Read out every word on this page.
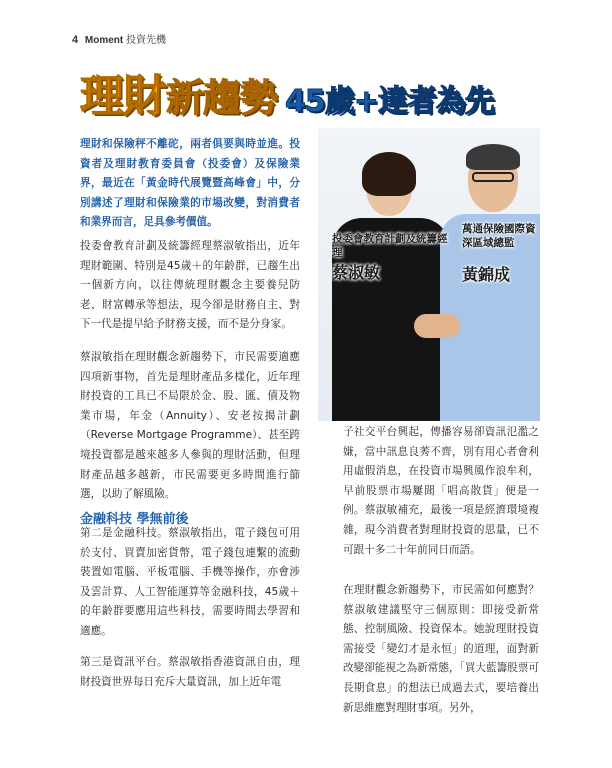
4 Moment 投資先機
理財新趨勢 45歲+達者為先
理財和保險秤不離砣，兩者俱要與時並進。投資者及理財教育委員會（投委會）及保險業界，最近在「黃金時代展覽暨高峰會」中，分別講述了理財和保險業的市場改變，對消費者和業界而言，足具參考價值。
投委會教育計劃及統籌經理蔡淑敏指出，近年理財範圍、特別是45歲＋的年齡群，已趨生出一個新方向，以往傳統理財觀念主要養兒防老、財富轉承等想法，現今卻是財務自主、對下一代是提早給予財務支援，而不是分身家。
蔡淑敏指在理財觀念新趨勢下，市民需要適應四項新事物，首先是理財產品多樣化，近年理財投資的工具已不局限於金、股、匯、債及物業市場，年金（Annuity）、安老按揭計劃（Reverse Mortgage Programme）、甚至跨境投資都是越來越多人參與的理財活動，但理財產品越多越新，市民需要更多時間進行篩選，以助了解風險。
金融科技 學無前後
第二是金融科技。蔡淑敏指出，電子錢包可用於支付、買賣加密貨幣，電子錢包連繫的流動裝置如電腦、平板電腦、手機等操作，亦會涉及雲計算、人工智能運算等金融科技，45歲＋的年齡群要應用這些科技，需要時間去學習和適應。
第三是資訊平台。蔡淑敏指香港資訊自由，理財投資世界每日充斥大量資訊，加上近年電
投委會教育計劃及統籌經理
蔡淑敏
萬通保險國際資深區域總監
黃錦成
子社交平台興起，傳播容易卻資訊氾濫之嫌，當中訊息良莠不齊，別有用心者會利用虛假消息，在投資市場興風作浪牟利，早前股票市場屢聞「唱高散貨」便是一例。蔡淑敏補充，最後一項是經濟環境複雜，現今消費者對理財投資的思量，已不可跟十多二十年前同日而語。
在理財觀念新趨勢下，市民需如何應對？蔡淑敏建議堅守三個原則：即接受新常態、控制風險、投資保本。她說理財投資需接受「變幻才是永恒」的道理，面對新改變卻能視之為新常態，「買大藍籌股票可長期食息」的想法已成過去式，要培養出新思維應對理財事項。另外，
